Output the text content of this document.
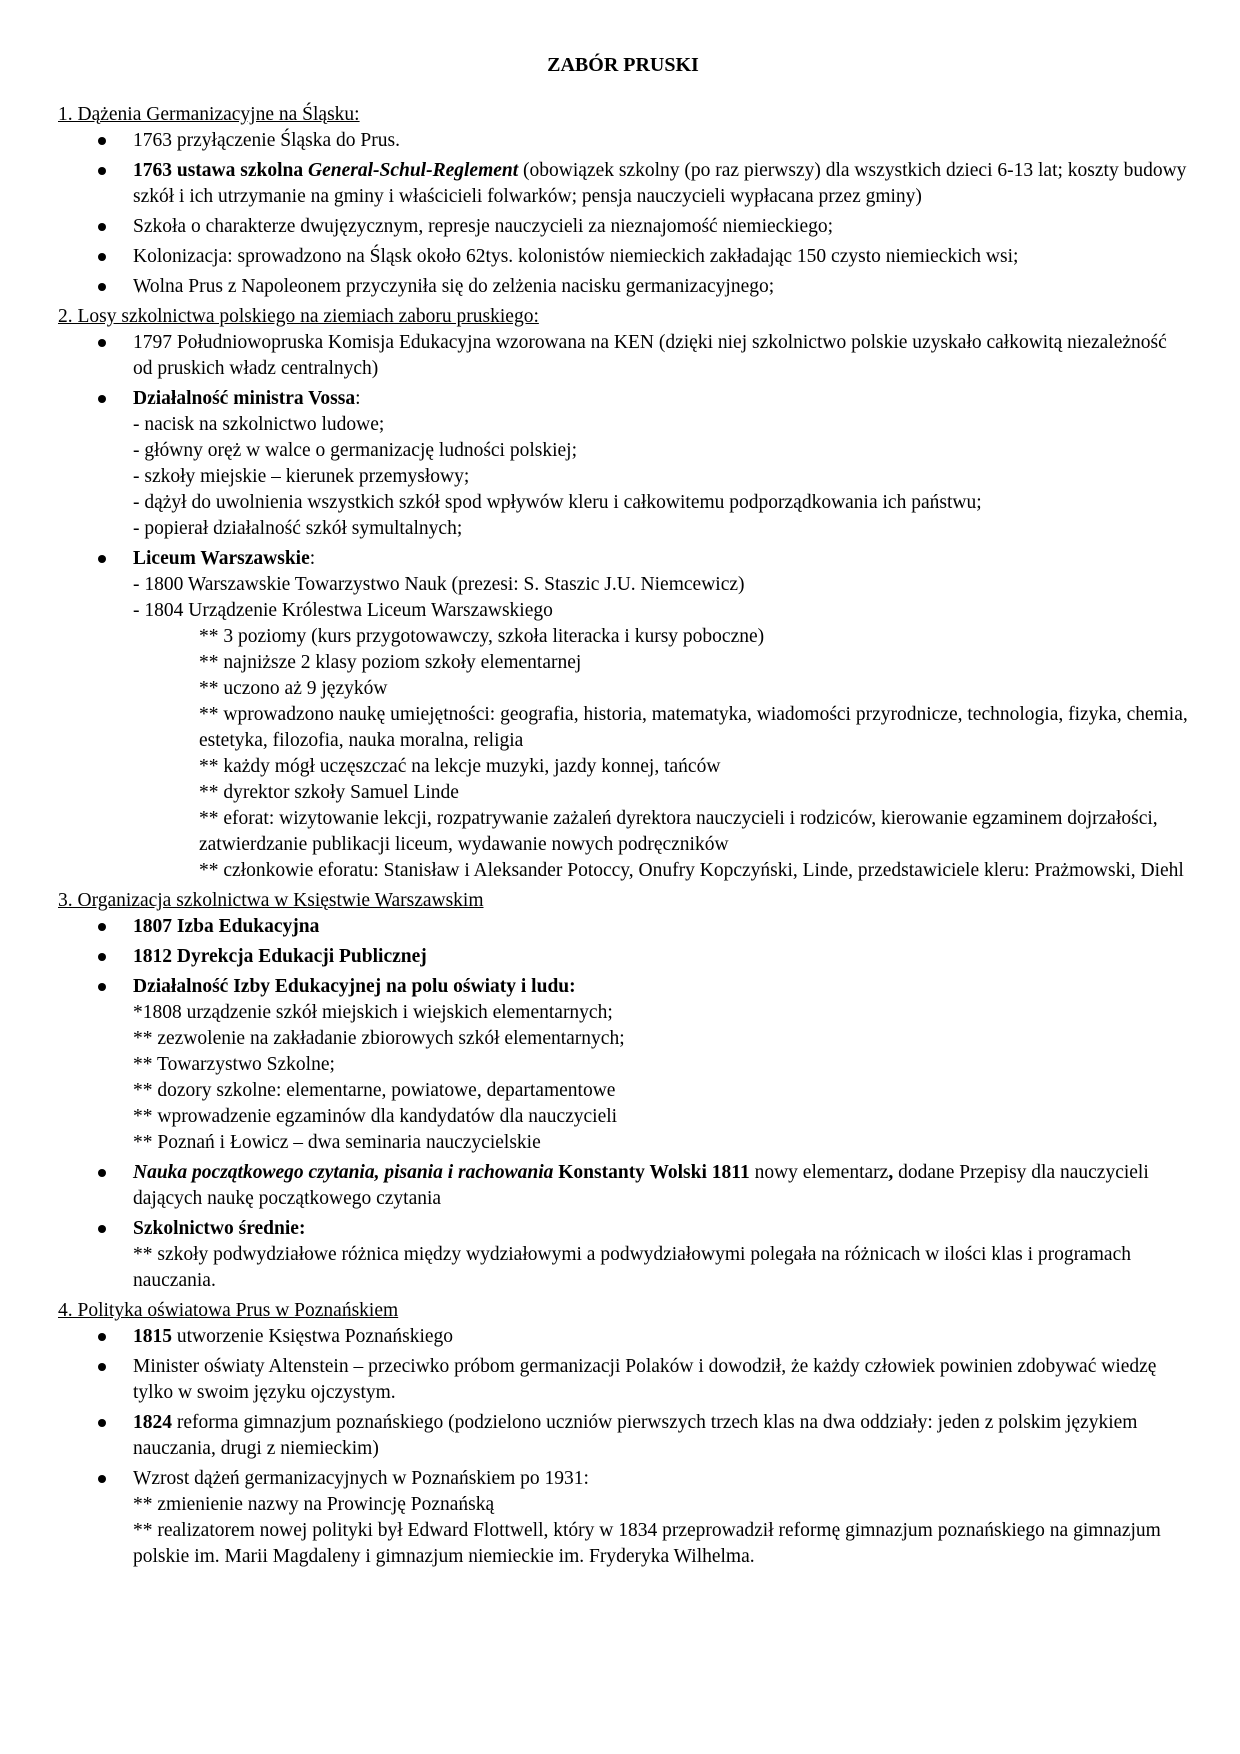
ZABÓR PRUSKI
1. Dążenia Germanizacyjne na Śląsku:
1763 przyłączenie Śląska do Prus.
1763 ustawa szkolna General-Schul-Reglement (obowiązek szkolny (po raz pierwszy) dla wszystkich dzieci 6-13 lat; koszty budowy szkół i ich utrzymanie na gminy i właścicieli folwarków; pensja nauczycieli wypłacana przez gminy)
Szkoła o charakterze dwujęzycznym, represje nauczycieli za nieznajomość niemieckiego;
Kolonizacja: sprowadzono na Śląsk około 62tys. kolonistów niemieckich zakładając 150 czysto niemieckich wsi;
Wolna Prus z Napoleonem przyczyniła się do zelżenia nacisku germanizacyjnego;
2. Losy szkolnictwa polskiego na ziemiach zaboru pruskiego:
1797 Południowopruska Komisja Edukacyjna wzorowana na KEN (dzięki niej szkolnictwo polskie uzyskało całkowitą niezależność od pruskich władz centralnych)
Działalność ministra Vossa:
- nacisk na szkolnictwo ludowe;
- główny oręż w walce o germanizację ludności polskiej;
- szkoły miejskie – kierunek przemysłowy;
- dążył do uwolnienia wszystkich szkół spod wpływów kleru i całkowitemu podporządkowania ich państwu;
- popierał działalność szkół symultalnych;
Liceum Warszawskie:
- 1800 Warszawskie Towarzystwo Nauk (prezesi: S. Staszic J.U. Niemcewicz)
- 1804 Urządzenie Królestwa Liceum Warszawskiego
** 3 poziomy (kurs przygotowawczy, szkoła literacka i kursy poboczne)
** najniższe 2 klasy poziom szkoły elementarnej
** uczono aż 9 języków
** wprowadzono naukę umiejętności: geografia, historia, matematyka, wiadomości przyrodnicze, technologia, fizyka, chemia, estetyka, filozofia, nauka moralna, religia
** każdy mógł uczęszczać na lekcje muzyki, jazdy konnej, tańców
** dyrektor szkoły Samuel Linde
** eforat: wizytowanie lekcji, rozpatrywanie zażaleń dyrektora nauczycieli i rodziców, kierowanie egzaminem dojrzałości, zatwierdzanie publikacji liceum, wydawanie nowych podręczników
** członkowie eforatu: Stanisław i Aleksander Potoccy, Onufry Kopczyński, Linde, przedstawiciele kleru: Prażmowski, Diehl
3. Organizacja szkolnictwa w Księstwie Warszawskim
1807 Izba Edukacyjna
1812 Dyrekcja Edukacji Publicznej
Działalność Izby Edukacyjnej na polu oświaty i ludu:
*1808 urządzenie szkół miejskich i wiejskich elementarnych;
** zezwolenie na zakładanie zbiorowych szkół elementarnych;
** Towarzystwo Szkolne;
** dozory szkolne: elementarne, powiatowe, departamentowe
** wprowadzenie egzaminów dla kandydatów dla nauczycieli
** Poznań i Łowicz – dwa seminaria nauczycielskie
Nauka początkowego czytania, pisania i rachowania Konstanty Wolski 1811 nowy elementarz, dodane Przepisy dla nauczycieli dających naukę początkowego czytania
Szkolnictwo średnie:
** szkoły podwydziałowe różnica między wydziałowymi a podwydziałowymi polegała na różnicach w ilości klas i programach nauczania.
4. Polityka oświatowa Prus w Poznańskiem
1815 utworzenie Księstwa Poznańskiego
Minister oświaty Altenstein – przeciwko próbom germanizacji Polaków i dowodził, że każdy człowiek powinien zdobywać wiedzę tylko w swoim języku ojczystym.
1824 reforma gimnazjum poznańskiego (podzielono uczniów pierwszych trzech klas na dwa oddziały: jeden z polskim językiem nauczania, drugi z niemieckim)
Wzrost dążeń germanizacyjnych w Poznańskiem po 1931:
** zmienienie nazwy na Prowincję Poznańską
** realizatorem nowej polityki był Edward Flottwell, który w 1834 przeprowadził reformę gimnazjum poznańskiego na gimnazjum polskie im. Marii Magdaleny i gimnazjum niemieckie im. Fryderyka Wilhelma.
